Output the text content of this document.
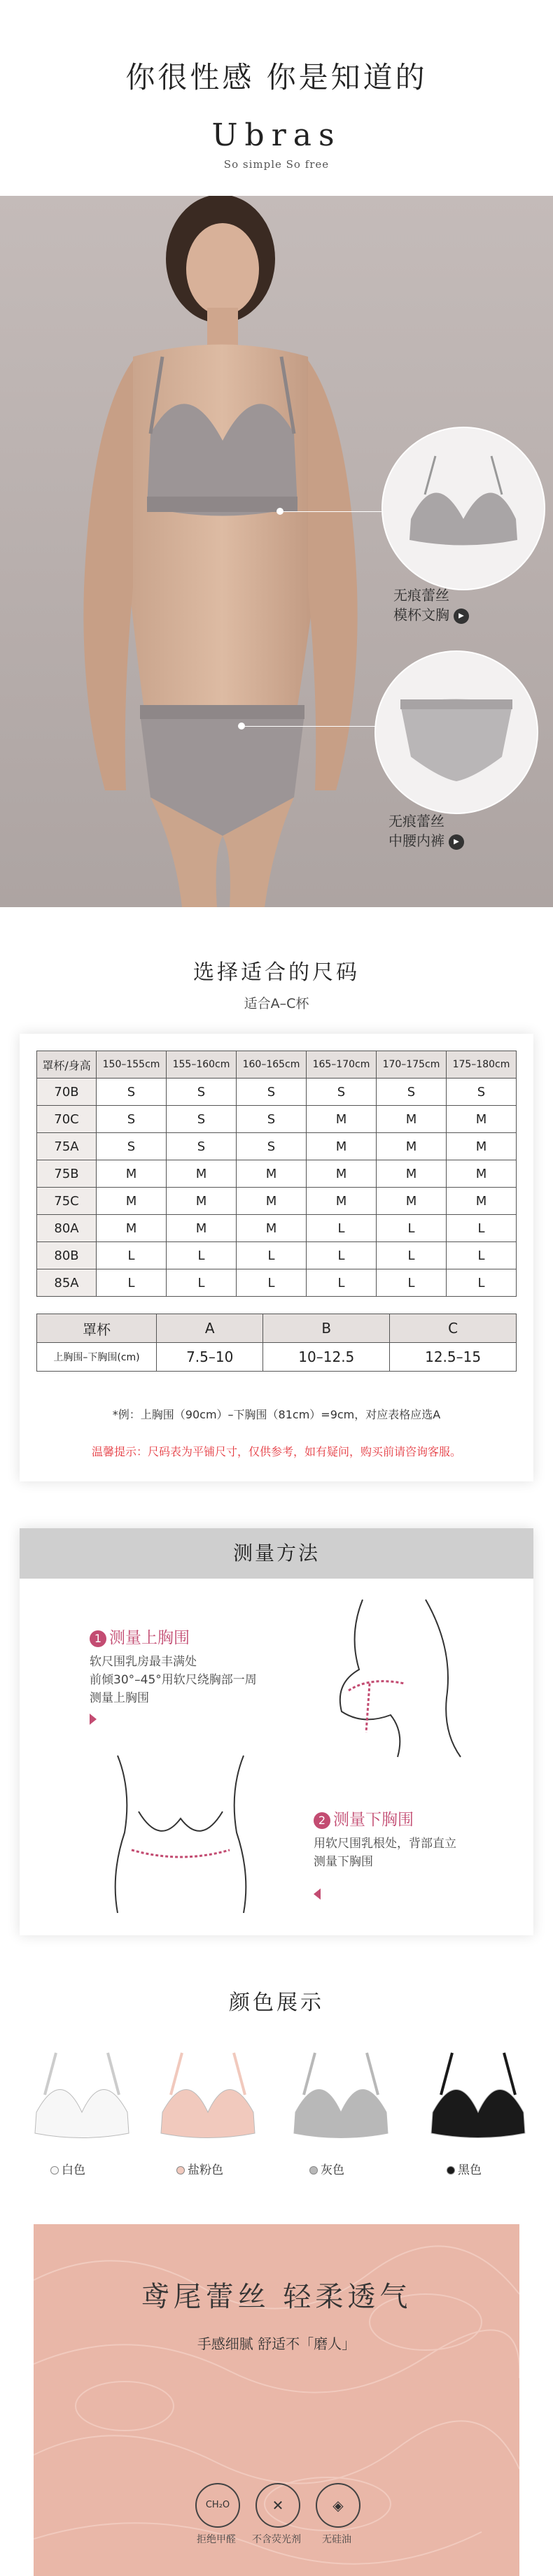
你很性感 你是知道的
Ubras
So simple So free
无痕蕾丝
模杯文胸 ▶
无痕蕾丝
中腰内裤 ▶
选择适合的尺码
适合A–C杯
罩杯/身高	150–155cm	155–160cm	160–165cm	165–170cm	170–175cm	175–180cm
70B	S	S	S	S	S	S
70C	S	S	S	M	M	M
75A	S	S	S	M	M	M
75B	M	M	M	M	M	M
75C	M	M	M	M	M	M
80A	M	M	M	L	L	L
80B	L	L	L	L	L	L
85A	L	L	L	L	L	L
罩杯	A	B	C
上胸围–下胸围(cm)	7.5–10	10–12.5	12.5–15
*例：上胸围（90cm）–下胸围（81cm）=9cm，对应表格应选A
温馨提示：尺码表为平铺尺寸，仅供参考，如有疑问，购买前请咨询客服。
测量方法
1 测量上胸围
软尺围乳房最丰满处
前倾30°–45°用软尺绕胸部一周
测量上胸围
2 测量下胸围
用软尺围乳根处，背部直立
测量下胸围
颜色展示
白色	盐粉色	灰色	黑色
鸢尾蕾丝 轻柔透气
手感细腻 舒适不「磨人」
CH₂O
拒绝甲醛
✕
不含荧光剂
◈
无硅油
